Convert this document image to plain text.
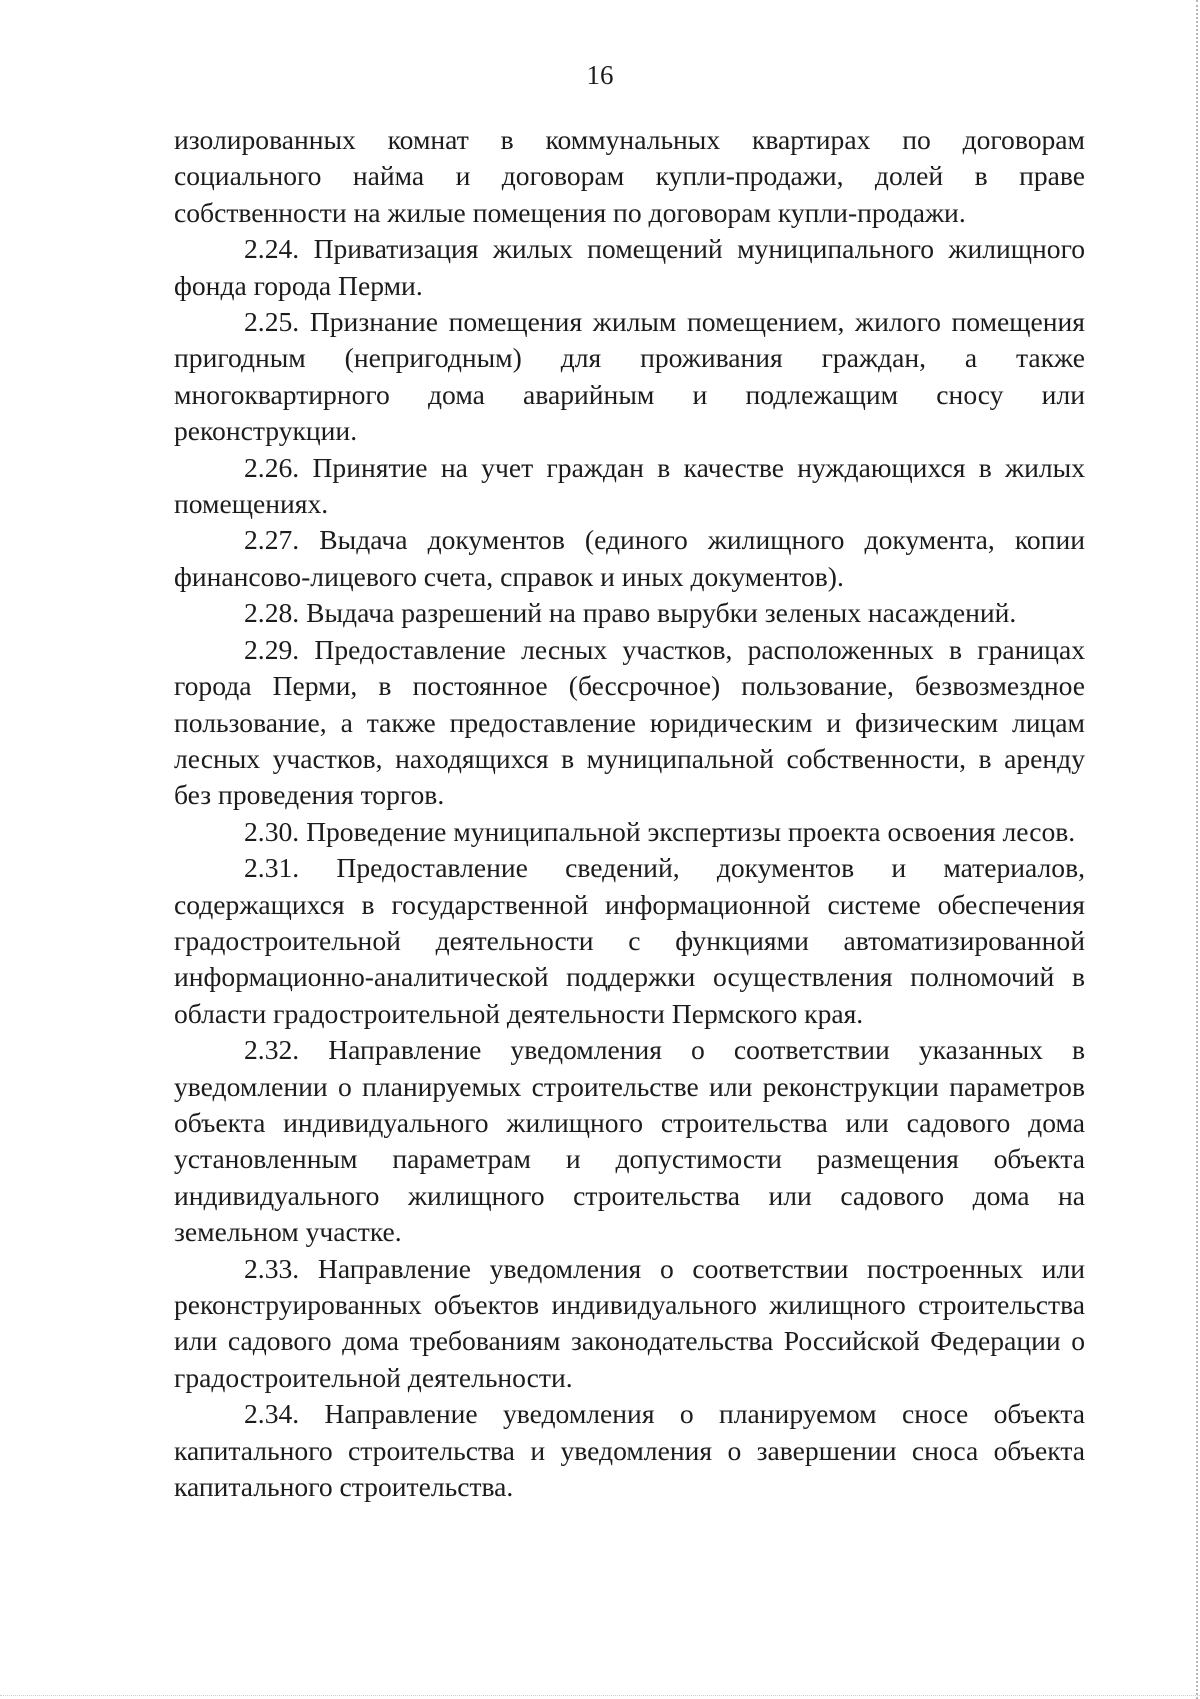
16

изолированных комнат в коммунальных квартирах по договорам социального найма и договорам купли-продажи, долей в праве собственности на жилые помещения по договорам купли-продажи.

2.24. Приватизация жилых помещений муниципального жилищного фонда города Перми.

2.25. Признание помещения жилым помещением, жилого помещения пригодным (непригодным) для проживания граждан, а также многоквартирного дома аварийным и подлежащим сносу или реконструкции.

2.26. Принятие на учет граждан в качестве нуждающихся в жилых помещениях.

2.27. Выдача документов (единого жилищного документа, копии финансово-лицевого счета, справок и иных документов).

2.28. Выдача разрешений на право вырубки зеленых насаждений.

2.29. Предоставление лесных участков, расположенных в границах города Перми, в постоянное (бессрочное) пользование, безвозмездное пользование, а также предоставление юридическим и физическим лицам лесных участков, находящихся в муниципальной собственности, в аренду без проведения торгов.

2.30. Проведение муниципальной экспертизы проекта освоения лесов.

2.31. Предоставление сведений, документов и материалов, содержащихся в государственной информационной системе обеспечения градостроительной деятельности с функциями автоматизированной информационно-аналитической поддержки осуществления полномочий в области градостроительной деятельности Пермского края.

2.32. Направление уведомления о соответствии указанных в уведомлении о планируемых строительстве или реконструкции параметров объекта индивидуального жилищного строительства или садового дома установленным параметрам и допустимости размещения объекта индивидуального жилищного строительства или садового дома на земельном участке.

2.33. Направление уведомления о соответствии построенных или реконструированных объектов индивидуального жилищного строительства или садового дома требованиям законодательства Российской Федерации о градостроительной деятельности.

2.34. Направление уведомления о планируемом сносе объекта капитального строительства и уведомления о завершении сноса объекта капитального строительства.
